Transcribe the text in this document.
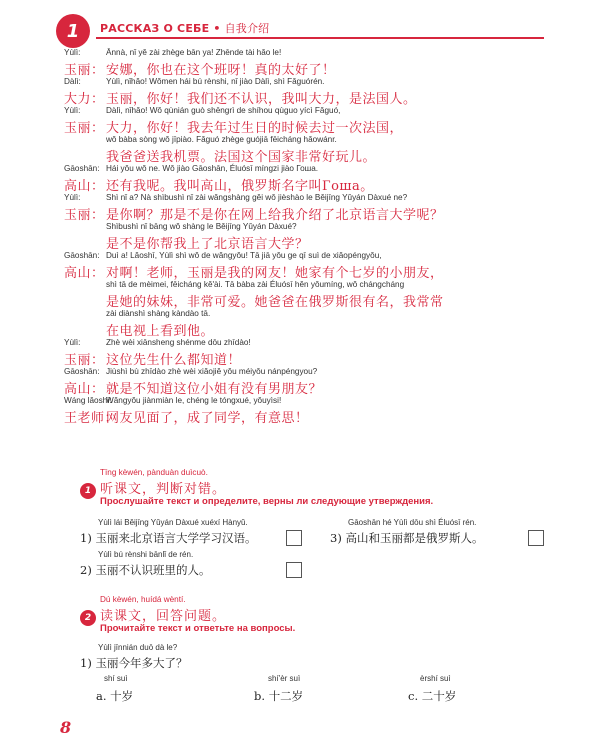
1	РАССКАЗ О СЕБЕ • 自我介绍
Yùlì:	Ānnà, nǐ yě zài zhège bān ya! Zhēnde tài hǎo le!
玉丽：安娜，你也在这个班呀！真的太好了！
Dàlì:	Yùlì, nǐhǎo! Wǒmen hái bú rènshi, nǐ jiào Dàlì, shì Fǎguórén.
大力：玉丽，你好！我们还不认识，我叫大力，是法国人。
Yùlì:	Dàlì, nǐhǎo! Wǒ qùnián guò shēngrì de shíhou qùguo yícì Fǎguó,
玉丽：大力，你好！我去年过生日的时候去过一次法国，
wǒ bàba sòng wǒ jīpiào. Fǎguó zhège guójiā fēicháng hǎowánr.
我爸爸送我机票。法国这个国家非常好玩儿。
Gāoshān: Hái yǒu wǒ ne. Wǒ jiào Gāoshān, Éluósī míngzi jiào Гоша.
高山：还有我呢。我叫高山，俄罗斯名字叫Гоша。
Yùlì:	Shì nǐ a? Nà shìbushì nǐ zài wǎngshàng gěi wǒ jièshào le Běijīng Yǔyán Dàxué ne?
玉丽：是你啊？那是不是你在网上给我介绍了北京语言大学呢？
Shìbushì nǐ bāng wǒ shàng le Běijīng Yǔyán Dàxué?
是不是你帮我上了北京语言大学？
Gāoshān: Duì a! Lǎoshī, Yùlì shì wǒ de wǎngyǒu! Tā jiā yǒu ge qī suì de xiǎopéngyǒu,
高山：对啊！老师，玉丽是我的网友！她家有个七岁的小朋友，
shì tā de mèimei, fēicháng kě'ài. Tā bàba zài Éluósī hěn yǒumíng, wǒ chángcháng
是她的妹妹，非常可爱。她爸爸在俄罗斯很有名，我常常
zài diànshì shàng kàndào tā.
在电视上看到他。
Yùlì:	Zhè wèi xiānsheng shénme dōu zhīdào!
玉丽：这位先生什么都知道！
Gāoshān: Jiùshì bù zhīdào zhè wèi xiǎojiě yǒu méiyǒu nánpéngyou?
高山：就是不知道这位小姐有没有男朋友？
Wáng lǎoshī:Wǎngyǒu jiànmiàn le, chéng le tóngxué, yǒuyìsi!
王老师：网友见面了，成了同学，有意思！
1
Tīng kèwén, pànduàn duìcuò.
听课文，判断对错。
Прослушайте текст и определите, верны ли следующие утверждения.
Yùlì lái Běijīng Yǔyán Dàxué xuéxí Hànyǔ.
1) 玉丽来北京语言大学学习汉语。
Yùlì bú rènshi bānlǐ de rén.
2) 玉丽不认识班里的人。
Gāoshān hé Yùlì dōu shì Éluósī rén.
3) 高山和玉丽都是俄罗斯人。
2
Dú kèwén, huídá wèntí.
读课文，回答问题。
Прочитайте текст и ответьте на вопросы.
Yùlì jīnnián duō dà le?
1) 玉丽今年多大了？
shí suì
a. 十岁
shí'èr suì
b. 十二岁
èrshí suì
c. 二十岁
8
